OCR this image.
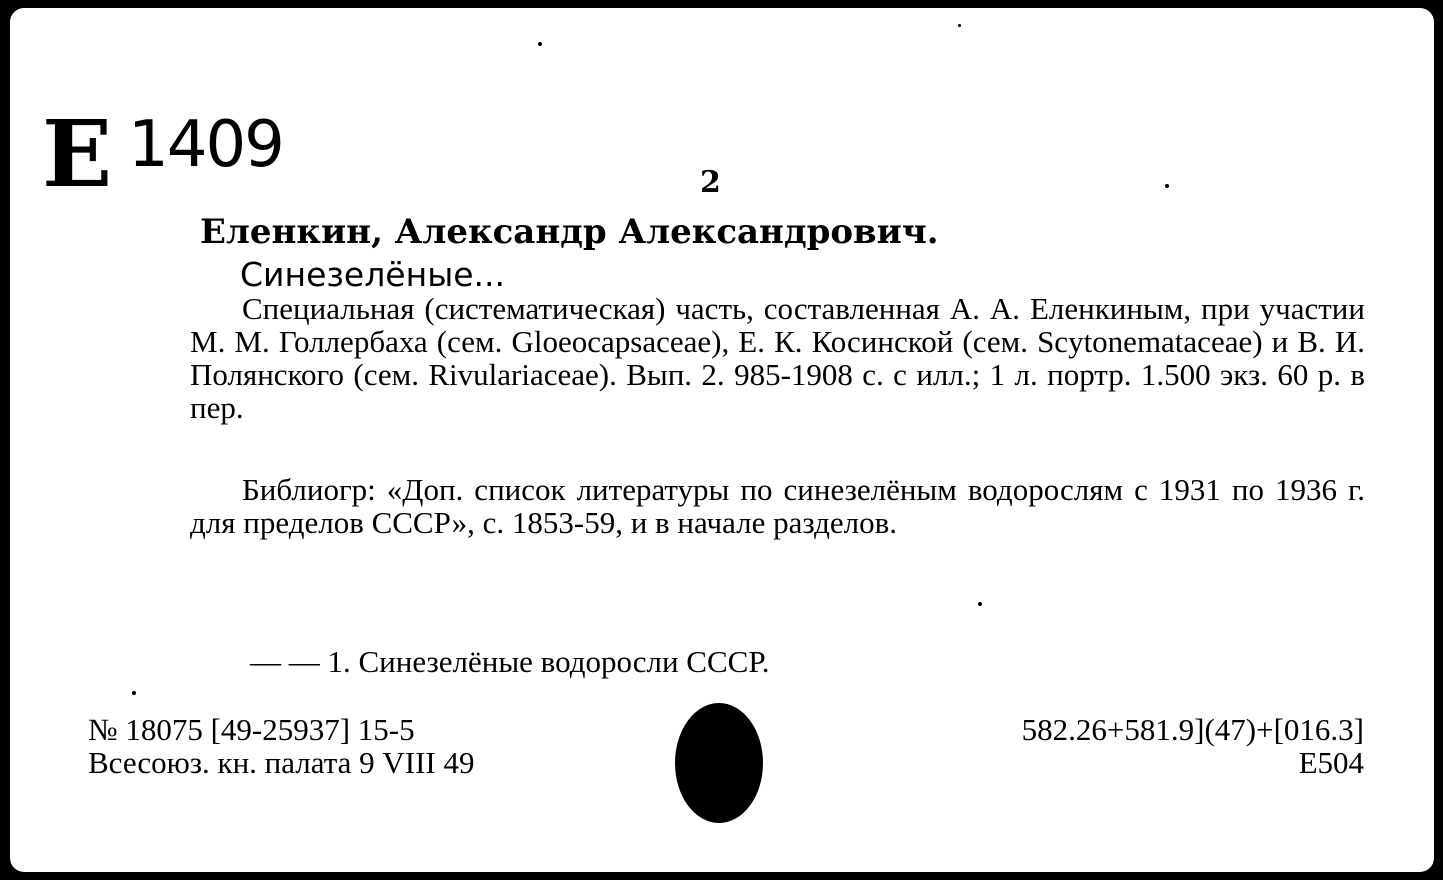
Е 1409
2
Еленкин, Александр Александрович.
Синезелёные...
Специальная (систематическая) часть, составленная А. А. Еленкиным, при участии М. М. Голлербаха (сем. Gloeocapsaceae), Е. К. Косинской (сем. Scytonemataceae) и В. И. Полянского (сем. Rivulariaceae). Вып. 2. 985-1908 с. с илл.; 1 л. портр. 1.500 экз. 60 р. в пер.
Библиогр: «Доп. список литературы по синезелёным водорослям с 1931 по 1936 г. для пределов СССР», с. 1853-59, и в начале разделов.
— — 1. Синезелёные водоросли СССР.
№ 18075 [49-25937] 15-5
Всесоюз. кн. палата 9 VIII 49
582.26+581.9](47)+[016.3]
Е504
